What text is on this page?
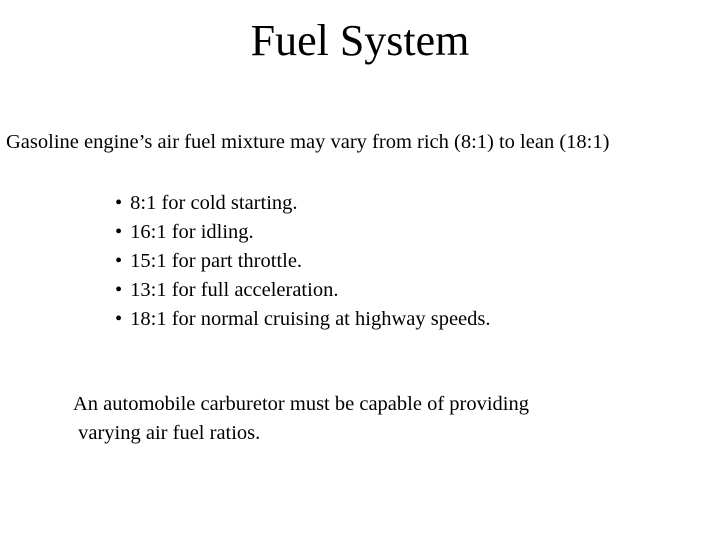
Fuel System
Gasoline engine’s air fuel mixture may vary from rich (8:1) to lean (18:1)
• 8:1 for cold starting.
• 16:1 for idling.
• 15:1 for part throttle.
• 13:1 for full acceleration.
• 18:1 for normal cruising at highway speeds.
An automobile carburetor must be capable of providing
varying air fuel ratios.
